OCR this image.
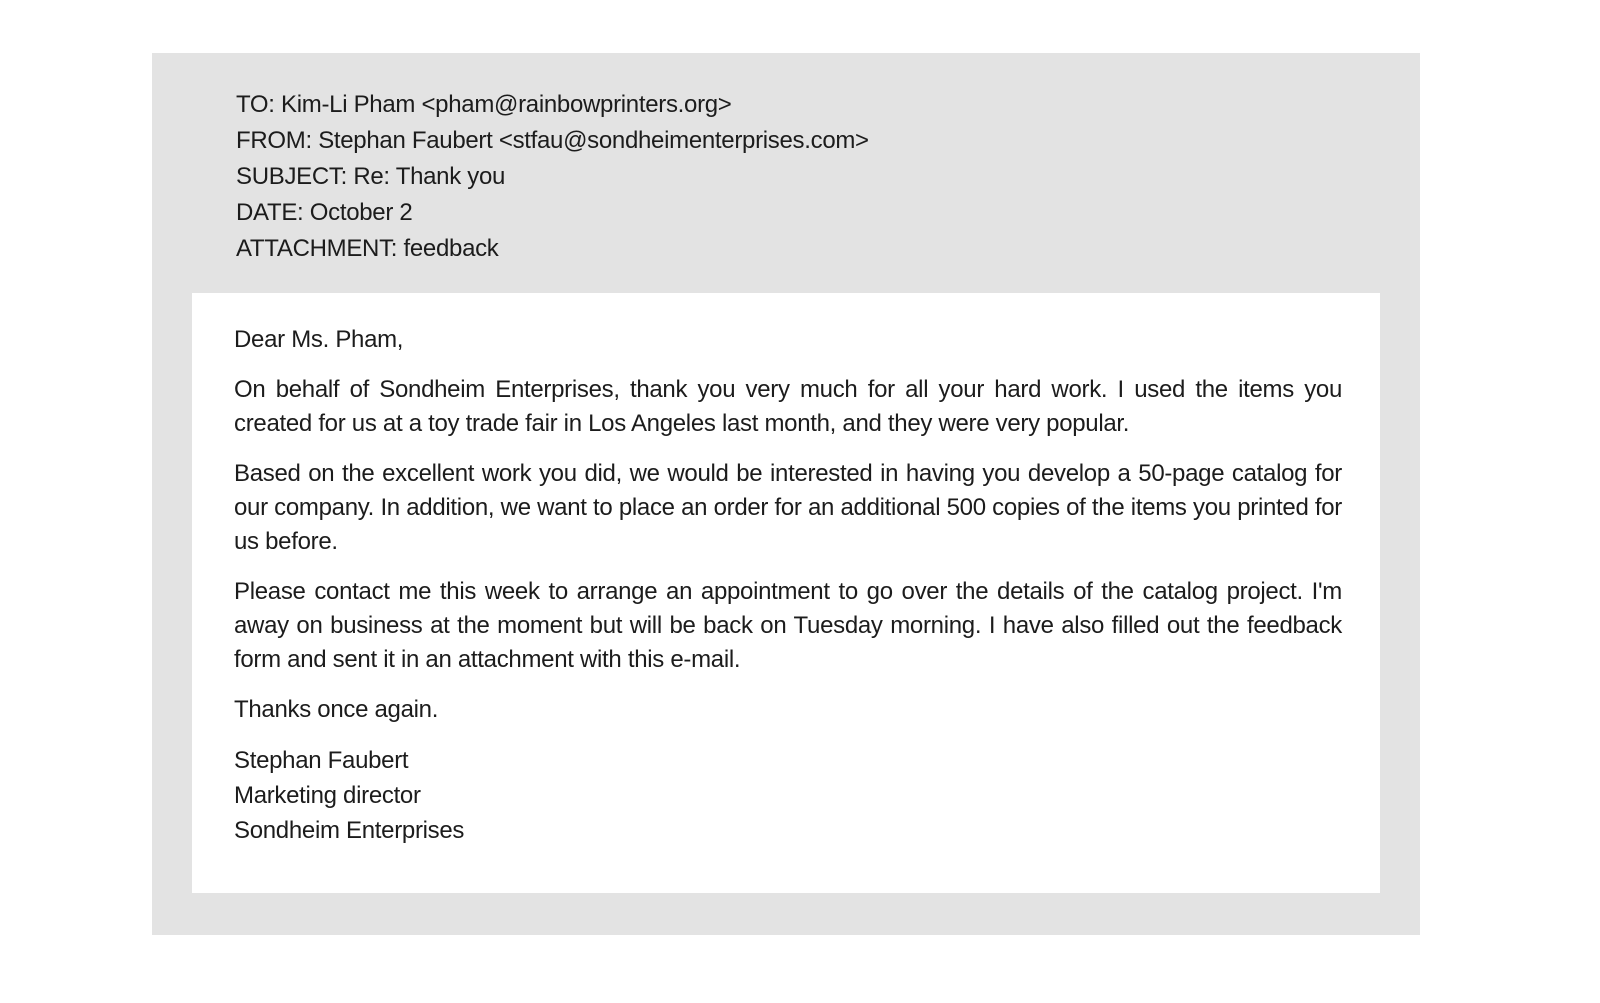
TO: Kim-Li Pham <pham@rainbowprinters.org>
FROM: Stephan Faubert <stfau@sondheimenterprises.com>
SUBJECT: Re: Thank you
DATE: October 2
ATTACHMENT: feedback

Dear Ms. Pham,

On behalf of Sondheim Enterprises, thank you very much for all your hard work. I used the items you created for us at a toy trade fair in Los Angeles last month, and they were very popular.

Based on the excellent work you did, we would be interested in having you develop a 50-page catalog for our company. In addition, we want to place an order for an additional 500 copies of the items you printed for us before.

Please contact me this week to arrange an appointment to go over the details of the catalog project. I'm away on business at the moment but will be back on Tuesday morning. I have also filled out the feedback form and sent it in an attachment with this e-mail.

Thanks once again.

Stephan Faubert
Marketing director
Sondheim Enterprises
